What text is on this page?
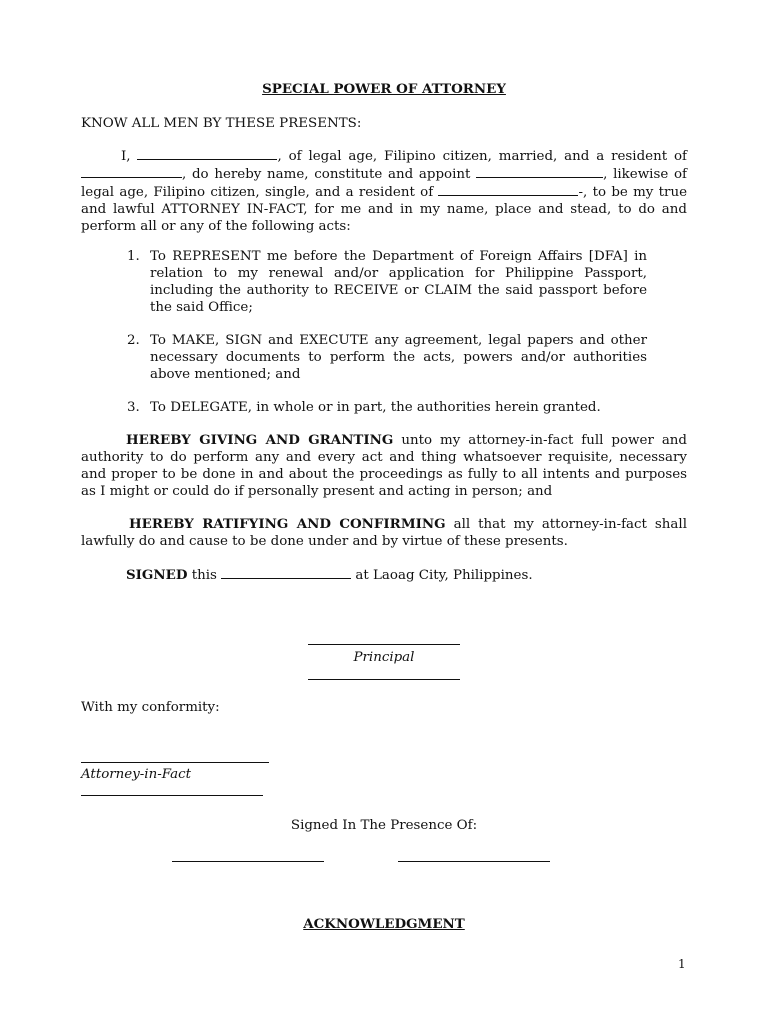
SPECIAL POWER OF ATTORNEY

KNOW ALL MEN BY THESE PRESENTS:

I,	, of legal age, Filipino citizen, married, and a resident of
, do hereby name, constitute and appoint	, likewise of
legal age, Filipino citizen, single, and a resident of	-, to be my true
and lawful ATTORNEY IN-FACT, for me and in my name, place and stead, to do and
perform all or any of the following acts:
1. To REPRESENT me before the Department of Foreign Affairs [DFA] in
relation to my renewal and/or application for Philippine Passport,
including the authority to RECEIVE or CLAIM the said passport before
the said Office;
2. To MAKE, SIGN and EXECUTE any agreement, legal papers and other
necessary documents to perform the acts, powers and/or authorities
above mentioned; and
3. To DELEGATE, in whole or in part, the authorities herein granted.
HEREBY GIVING AND GRANTING unto my attorney-in-fact full power and
authority to do perform any and every act and thing whatsoever requisite, necessary
and proper to be done in and about the proceedings as fully to all intents and purposes
as I might or could do if personally present and acting in person; and
HEREBY RATIFYING AND CONFIRMING all that my attorney-in-fact shall
lawfully do and cause to be done under and by virtue of these presents.

SIGNED this	at Laoag City, Philippines.

Principal

With my conformity:

Attorney-in-Fact

Signed In The Presence Of:

ACKNOWLEDGMENT

1
